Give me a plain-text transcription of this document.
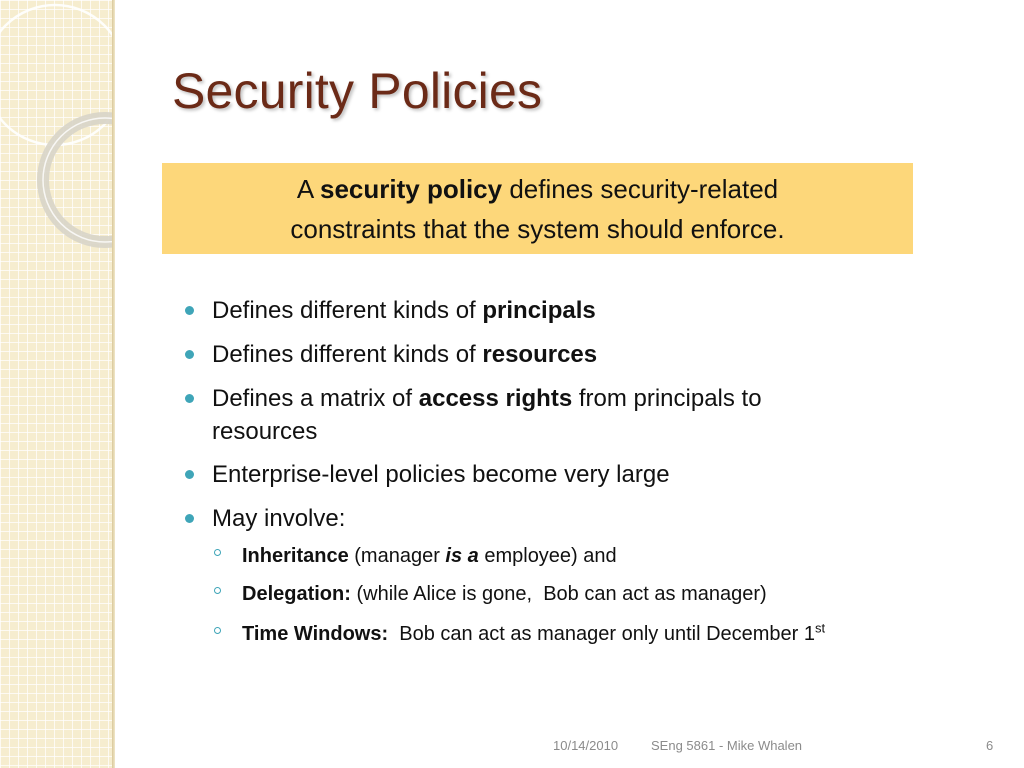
Security Policies
A security policy defines security-related
constraints that the system should enforce.
Defines different kinds of principals
Defines different kinds of resources
Defines a matrix of access rights from principals to
resources
Enterprise-level policies become very large
May involve:
Inheritance (manager is a employee) and
Delegation: (while Alice is gone,  Bob can act as manager)
Time Windows:  Bob can act as manager only until December 1st
10/14/2010	SEng 5861 - Mike Whalen	6
